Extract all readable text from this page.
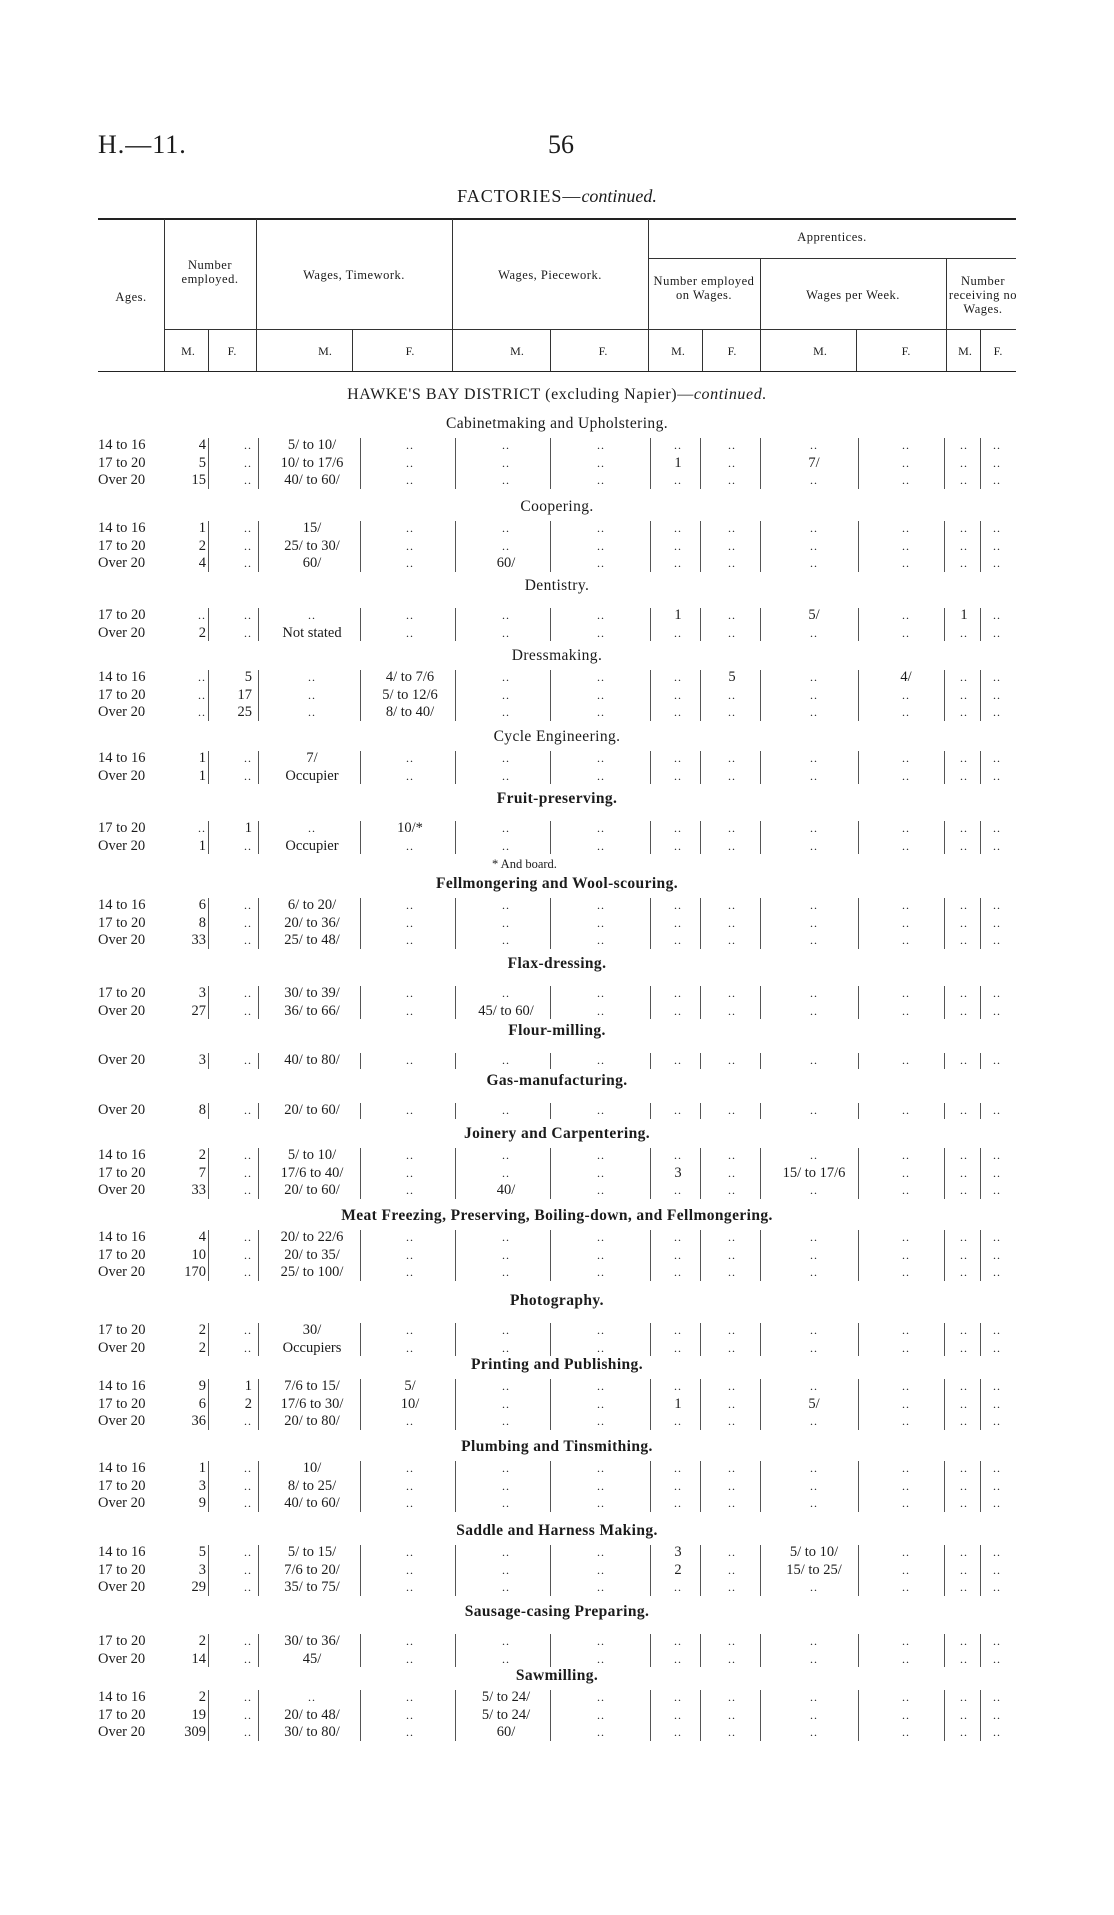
H.—11.	56
FACTORIES—continued.
Ages.
Number employed.	Wages, Timework.	Wages, Piecework.
Apprentices.
Number employed on Wages.	Wages per Week.
Number receiving no Wages.
M.	F.	M.	F.	M.	F.	M.	F.	M.	F.	M.	F.
HAWKE'S BAY DISTRICT (excluding Napier)—continued.
Cabinetmaking and Upholstering.
14 to 16	4	..	5/ to 10/	..	..	..	..	..	..	..	..	..
17 to 20	5	..	10/ to 17/6	..	..	..	1	..	7/	..	..	..
Over 20	15	..	40/ to 60/	..	..	..	..	..	..	..	..	..
Coopering.
14 to 16	1	..	15/	..	..	..	..	..	..	..	..	..
17 to 20	2	..	25/ to 30/	..	..	..	..	..	..	..	..	..
Over 20	4	..	60/	..	60/	..	..	..	..	..	..	..
Dentistry.
17 to 20	..	..	..	..	..	..	1	..	5/	..	1	..
Over 20	2	..	Not stated	..	..	..	..	..	..	..	..	..
Dressmaking.
14 to 16	..	5	..	4/ to 7/6	..	..	..	5	..	4/	..	..
17 to 20	..	17	..	5/ to 12/6	..	..	..	..	..	..	..	..
Over 20	..	25	..	8/ to 40/	..	..	..	..	..	..	..	..
Cycle Engineering.
14 to 16	1	..	7/	..	..	..	..	..	..	..	..	..
Over 20	1	..	Occupier	..	..	..	..	..	..	..	..	..
Fruit-preserving.
17 to 20	..	1	..	10/*	..	..	..	..	..	..	..	..
Over 20	1	..	Occupier	..	..	..	..	..	..	..	..	..
* And board.
Fellmongering and Wool-scouring.
14 to 16	6	..	6/ to 20/	..	..	..	..	..	..	..	..	..
17 to 20	8	..	20/ to 36/	..	..	..	..	..	..	..	..	..
Over 20	33	..	25/ to 48/	..	..	..	..	..	..	..	..	..
Flax-dressing.
17 to 20	3	..	30/ to 39/	..	..	..	..	..	..	..	..	..
Over 20	27	..	36/ to 66/	..	45/ to 60/	..	..	..	..	..	..	..
Flour-milling.
Over 20	3	..	40/ to 80/	..	..	..	..	..	..	..	..	..
Gas-manufacturing.
Over 20	8	..	20/ to 60/	..	..	..	..	..	..	..	..	..
Joinery and Carpentering.
14 to 16	2	..	5/ to 10/	..	..	..	..	..	..	..	..	..
17 to 20	7	..	17/6 to 40/	..	..	..	3	..	15/ to 17/6	..	..	..
Over 20	33	..	20/ to 60/	..	40/	..	..	..	..	..	..	..
Meat Freezing, Preserving, Boiling-down, and Fellmongering.
14 to 16	4	..	20/ to 22/6	..	..	..	..	..	..	..	..	..
17 to 20	10	..	20/ to 35/	..	..	..	..	..	..	..	..	..
Over 20	170	..	25/ to 100/	..	..	..	..	..	..	..	..	..
Photography.
17 to 20	2	..	30/	..	..	..	..	..	..	..	..	..
Over 20	2	..	Occupiers	..	..	..	..	..	..	..	..	..
Printing and Publishing.
14 to 16	9	1	7/6 to 15/	5/	..	..	..	..	..	..	..	..
17 to 20	6	2	17/6 to 30/	10/	..	..	1	..	5/	..	..	..
Over 20	36	..	20/ to 80/	..	..	..	..	..	..	..	..	..
Plumbing and Tinsmithing.
14 to 16	1	..	10/	..	..	..	..	..	..	..	..	..
17 to 20	3	..	8/ to 25/	..	..	..	..	..	..	..	..	..
Over 20	9	..	40/ to 60/	..	..	..	..	..	..	..	..	..
Saddle and Harness Making.
14 to 16	5	..	5/ to 15/	..	..	..	3	..	5/ to 10/	..	..	..
17 to 20	3	..	7/6 to 20/	..	..	..	2	..	15/ to 25/	..	..	..
Over 20	29	..	35/ to 75/	..	..	..	..	..	..	..	..	..
Sausage-casing Preparing.
17 to 20	2	..	30/ to 36/	..	..	..	..	..	..	..	..	..
Over 20	14	..	45/	..	..	..	..	..	..	..	..	..
Sawmilling.
14 to 16	2	..	..	..	5/ to 24/	..	..	..	..	..	..	..
17 to 20	19	..	20/ to 48/	..	5/ to 24/	..	..	..	..	..	..	..
Over 20	309	..	30/ to 80/	..	60/	..	..	..	..	..	..	..
